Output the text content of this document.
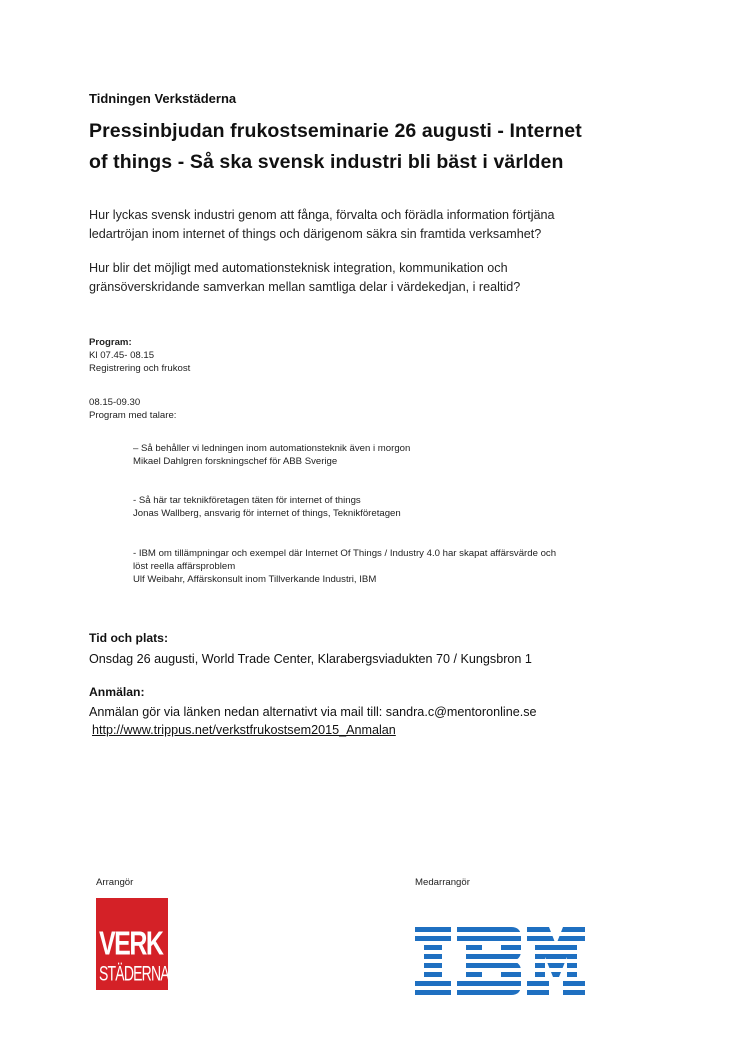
Tidningen Verkstäderna
Pressinbjudan frukostseminarie 26 augusti - Internet
of things - Så ska svensk industri bli bäst i världen
Hur lyckas svensk industri genom att fånga, förvalta och förädla information förtjäna
ledartröjan inom internet of things och därigenom säkra sin framtida verksamhet?
Hur blir det möjligt med automationsteknisk integration, kommunikation och
gränsöverskridande samverkan mellan samtliga delar i värdekedjan, i realtid?
Program:
Kl 07.45- 08.15
Registrering och frukost
08.15-09.30
Program med talare:
– Så behåller vi ledningen inom automationsteknik även i morgon
Mikael Dahlgren forskningschef för ABB Sverige
- Så här tar teknikföretagen täten för internet of things
Jonas Wallberg, ansvarig för internet of things, Teknikföretagen
- IBM om tillämpningar och exempel där Internet Of Things / Industry 4.0 har skapat affärsvärde och
löst reella affärsproblem
Ulf Weibahr, Affärskonsult inom Tillverkande Industri, IBM
Tid och plats:
Onsdag 26 augusti, World Trade Center, Klarabergsviadukten 70 / Kungsbron 1
Anmälan:
Anmälan gör via länken nedan alternativt via mail till: sandra.c@mentoronline.se
http://www.trippus.net/verkstfrukostsem2015_Anmalan
Arrangör
VERK
STÄDERNA
Medarrangör
